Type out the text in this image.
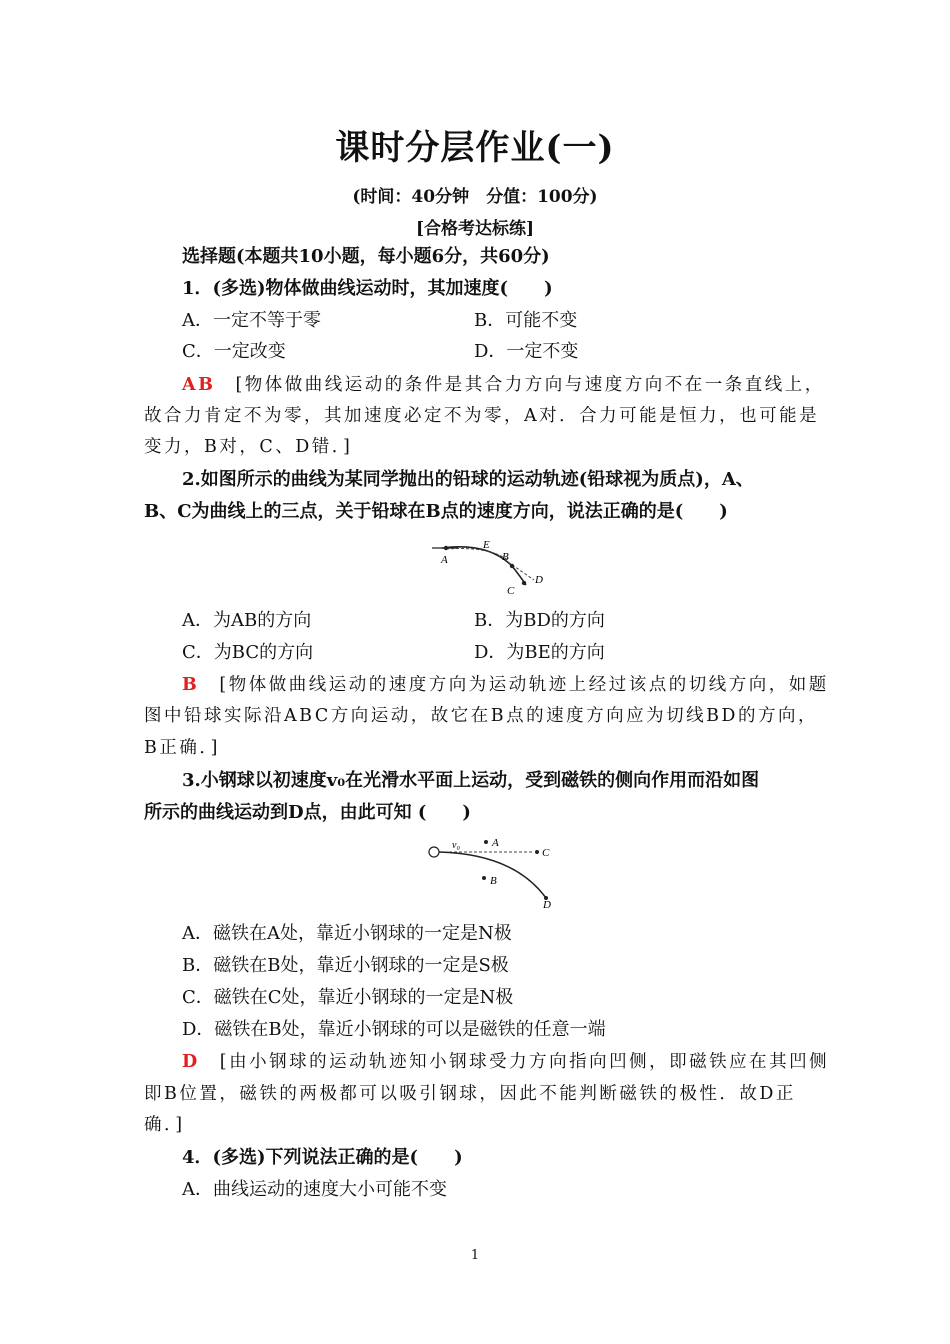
课时分层作业(一)
(时间：40分钟　分值：100分)
[合格考达标练]
选择题(本题共10小题，每小题6分，共60分)
1．(多选)物体做曲线运动时，其加速度(　　)
A．一定不等于零	B．可能不变
C．一定改变	D．一定不变
AB [物体做曲线运动的条件是其合力方向与速度方向不在一条直线上，
故合力肯定不为零，其加速度必定不为零，A对．合力可能是恒力，也可能是
变力，B对，C、D错．]
2.如图所示的曲线为某同学抛出的铅球的运动轨迹(铅球视为质点)，A、
B、C为曲线上的三点，关于铅球在B点的速度方向，说法正确的是(　　)
A
E
B
C
D
A．为AB的方向	B．为BD的方向
C．为BC的方向	D．为BE的方向
B [物体做曲线运动的速度方向为运动轨迹上经过该点的切线方向，如题
图中铅球实际沿ABC方向运动，故它在B点的速度方向应为切线BD的方向，
B正确．]
3.小钢球以初速度v₀在光滑水平面上运动，受到磁铁的侧向作用而沿如图
所示的曲线运动到D点，由此可知 (　　)
v₀	A
C
B
D
A．磁铁在A处，靠近小钢球的一定是N极
B．磁铁在B处，靠近小钢球的一定是S极
C．磁铁在C处，靠近小钢球的一定是N极
D．磁铁在B处，靠近小钢球的可以是磁铁的任意一端
D [由小钢球的运动轨迹知小钢球受力方向指向凹侧，即磁铁应在其凹侧
即B位置，磁铁的两极都可以吸引钢球，因此不能判断磁铁的极性．故D正
确．]
4．(多选)下列说法正确的是(　　)
A．曲线运动的速度大小可能不变
1
